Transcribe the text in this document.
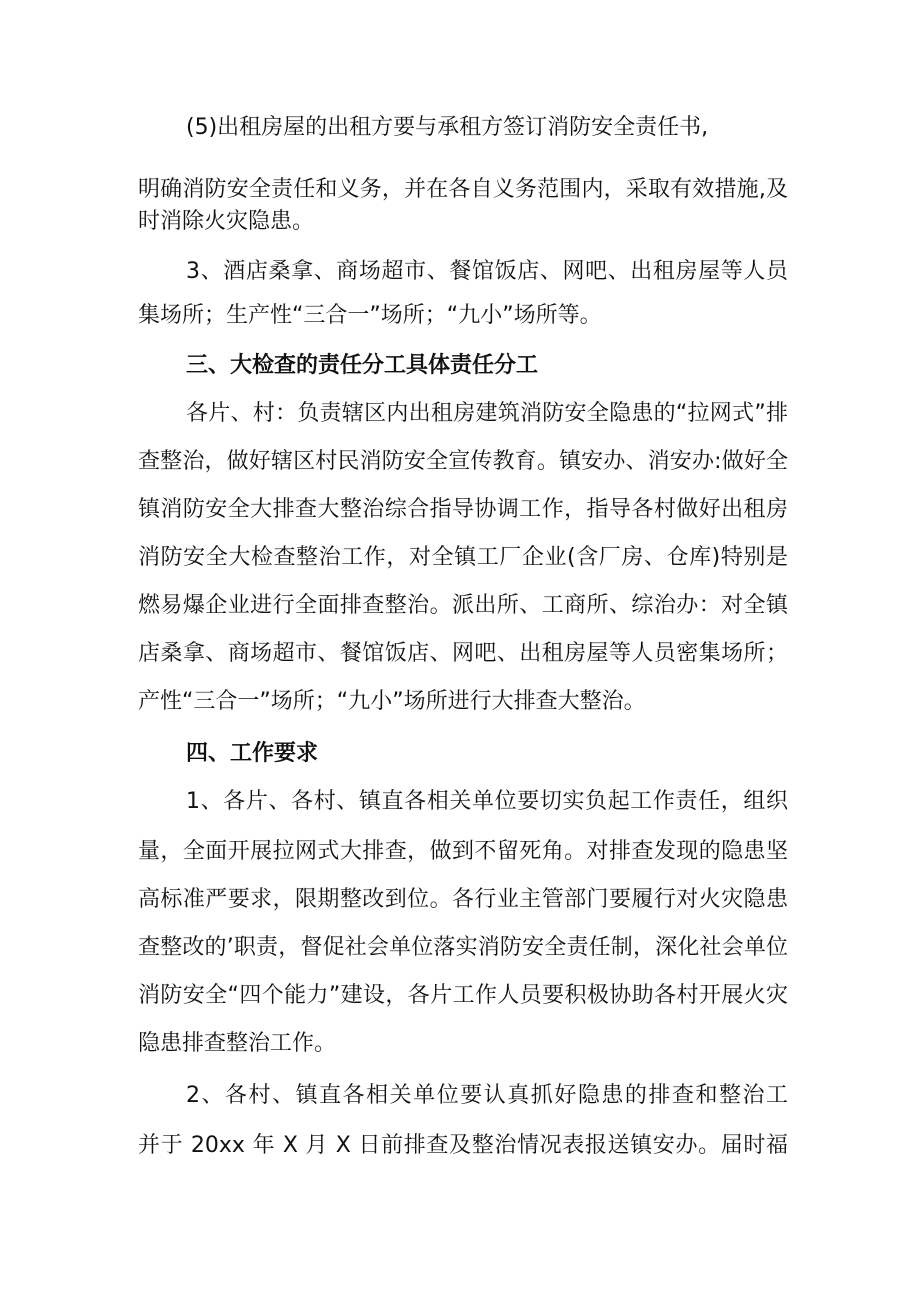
(5)出租房屋的出租方要与承租方签订消防安全责任书,
明确消防安全责任和义务，并在各自义务范围内，采取有效措施,及
时消除火灾隐患。
3、酒店桑拿、商场超市、餐馆饭店、网吧、出租房屋等人员
集场所；生产性“三合一”场所；“九小”场所等。
三、大检查的责任分工具体责任分工
各片、村：负责辖区内出租房建筑消防安全隐患的“拉网式”排
查整治，做好辖区村民消防安全宣传教育。镇安办、消安办:做好全
镇消防安全大排查大整治综合指导协调工作，指导各村做好出租房
消防安全大检查整治工作，对全镇工厂企业(含厂房、仓库)特别是
燃易爆企业进行全面排查整治。派出所、工商所、综治办：对全镇
店桑拿、商场超市、餐馆饭店、网吧、出租房屋等人员密集场所；
产性“三合一”场所；“九小”场所进行大排查大整治。
四、工作要求
1、各片、各村、镇直各相关单位要切实负起工作责任，组织
量，全面开展拉网式大排查，做到不留死角。对排查发现的隐患坚
高标准严要求，限期整改到位。各行业主管部门要履行对火灾隐患
查整改的’职责，督促社会单位落实消防安全责任制，深化社会单位
消防安全“四个能力”建设，各片工作人员要积极协助各村开展火灾
隐患排查整治工作。
2、各村、镇直各相关单位要认真抓好隐患的排查和整治工
并于 20xx 年 X 月 X 日前排查及整治情况表报送镇安办。届时福
